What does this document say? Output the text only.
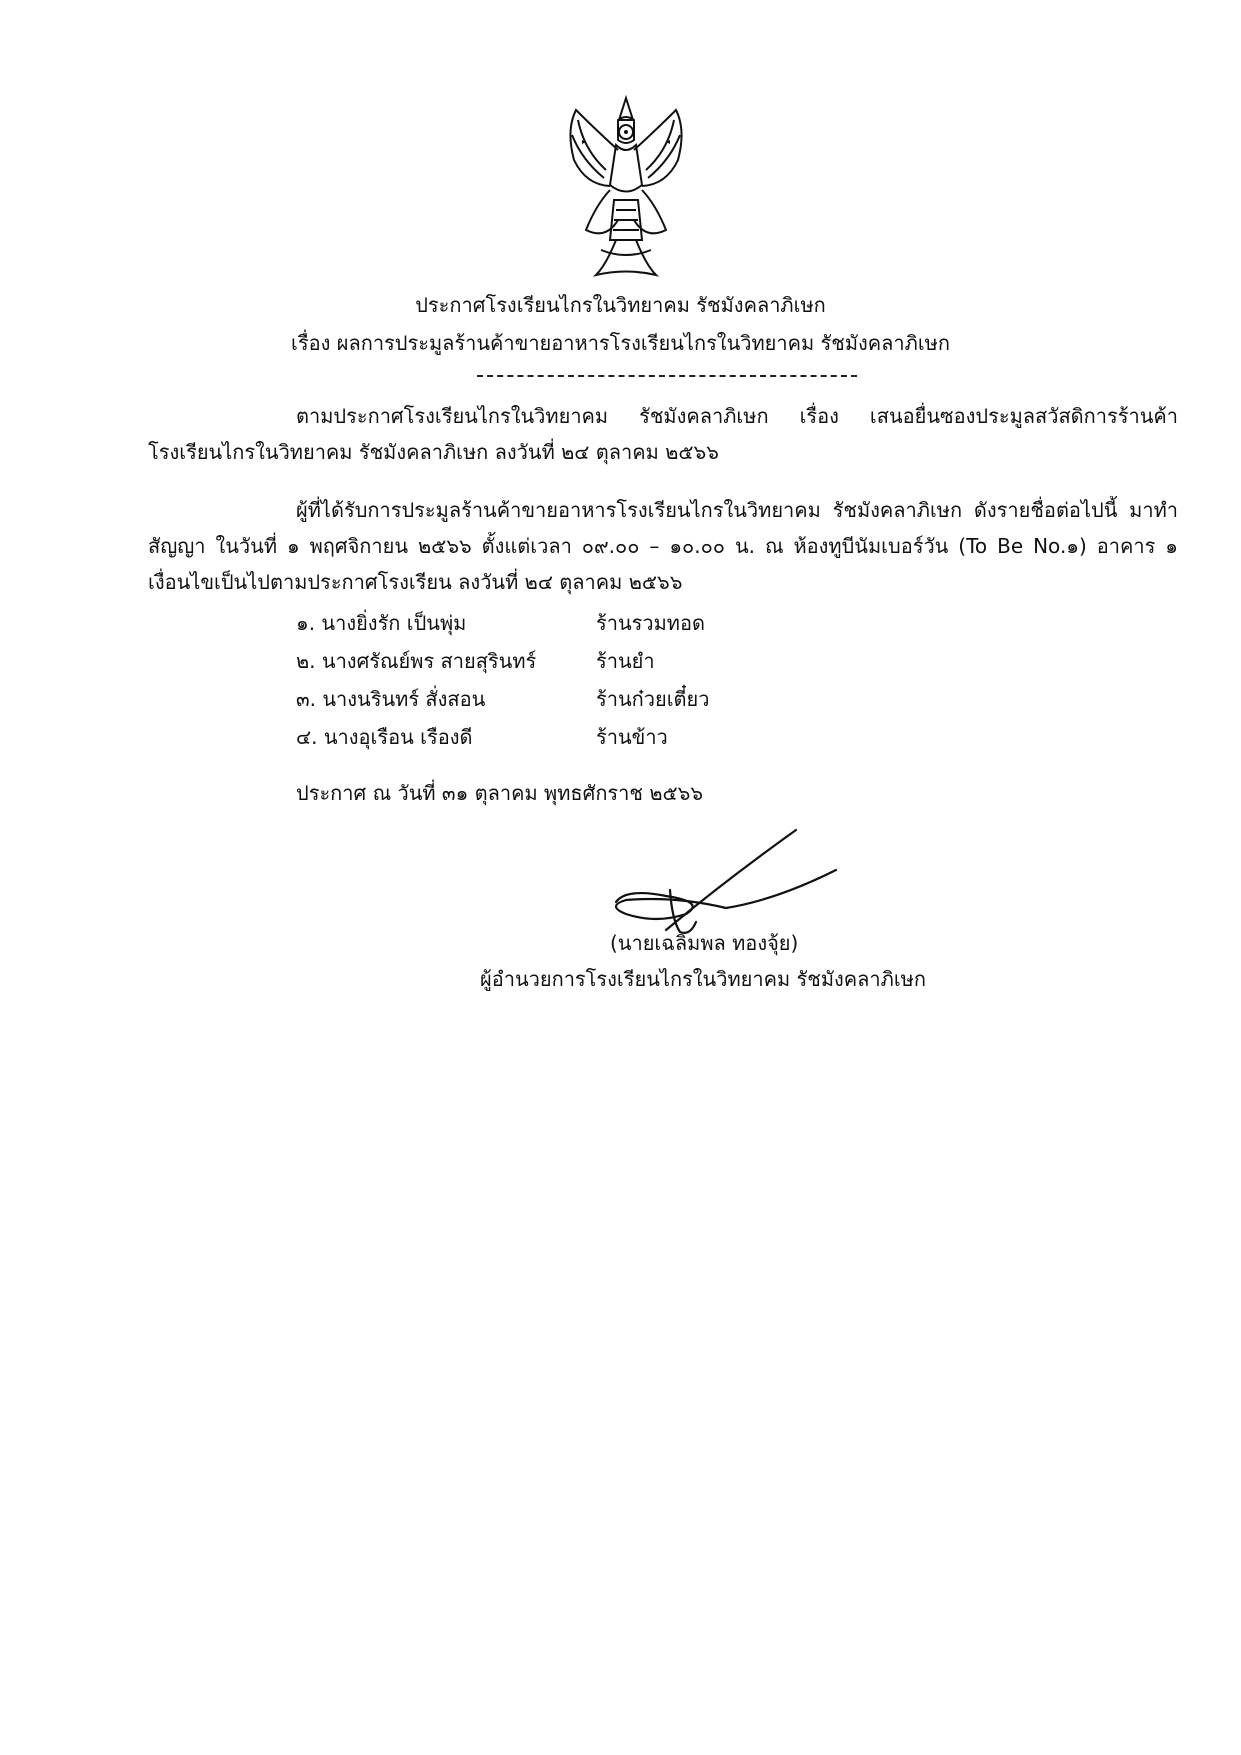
ประกาศโรงเรียนไกรในวิทยาคม รัชมังคลาภิเษก
เรื่อง ผลการประมูลร้านค้าขายอาหารโรงเรียนไกรในวิทยาคม รัชมังคลาภิเษก
ตามประกาศโรงเรียนไกรในวิทยาคม รัชมังคลาภิเษก เรื่อง เสนอยื่นซองประมูลสวัสดิการร้านค้า โรงเรียนไกรในวิทยาคม รัชมังคลาภิเษก ลงวันที่ ๒๔ ตุลาคม ๒๕๖๖
ผู้ที่ได้รับการประมูลร้านค้าขายอาหารโรงเรียนไกรในวิทยาคม รัชมังคลาภิเษก ดังรายชื่อต่อไปนี้ มาทำ สัญญา ในวันที่ ๑ พฤศจิกายน ๒๕๖๖ ตั้งแต่เวลา ๐๙.๐๐ – ๑๐.๐๐ น. ณ ห้องทูบีนัมเบอร์วัน (To Be No.๑) อาคาร ๑ เงื่อนไขเป็นไปตามประกาศโรงเรียน ลงวันที่ ๒๔ ตุลาคม ๒๕๖๖
๑. นางยิ่งรัก เป็นพุ่ม	ร้านรวมทอด
๒. นางศรัณย์พร สายสุรินทร์	ร้านยำ
๓. นางนรินทร์ สั่งสอน	ร้านก๋วยเตี๋ยว
๔. นางอุเรือน เรืองดี	ร้านข้าว
ประกาศ ณ วันที่ ๓๑ ตุลาคม พุทธศักราช ๒๕๖๖
(นายเฉลิมพล ทองจุ้ย)
ผู้อำนวยการโรงเรียนไกรในวิทยาคม รัชมังคลาภิเษก
